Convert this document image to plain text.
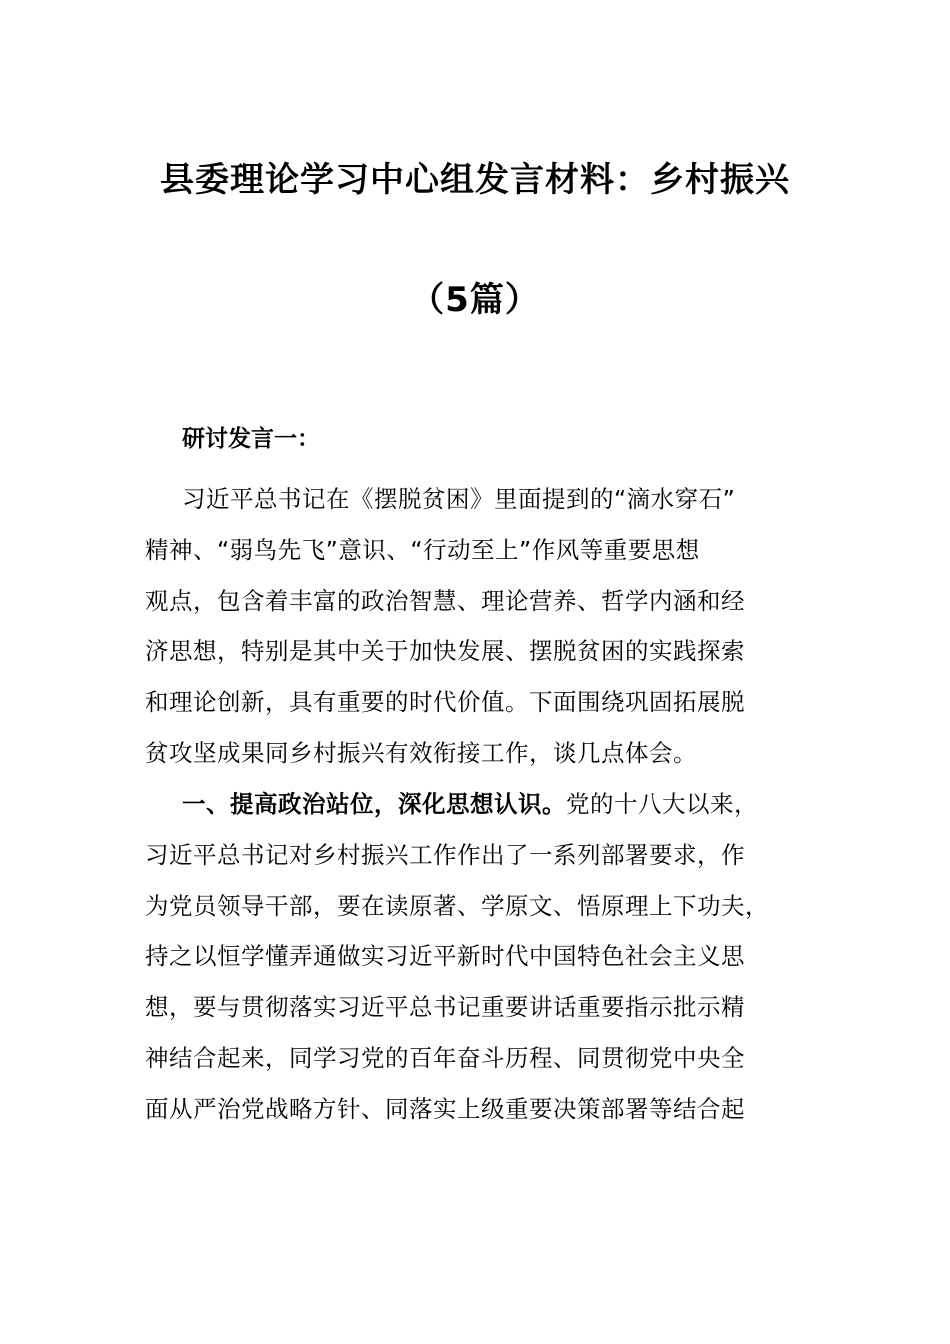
县委理论学习中心组发言材料：乡村振兴
（5篇）
研讨发言一：
习近平总书记在《摆脱贫困》里面提到的“滴水穿石”
精神、“弱鸟先飞”意识、“行动至上”作风等重要思想
观点，包含着丰富的政治智慧、理论营养、哲学内涵和经
济思想，特别是其中关于加快发展、摆脱贫困的实践探索
和理论创新，具有重要的时代价值。下面围绕巩固拓展脱
贫攻坚成果同乡村振兴有效衔接工作，谈几点体会。
一、提高政治站位，深化思想认识。党的十八大以来，
习近平总书记对乡村振兴工作作出了一系列部署要求，作
为党员领导干部，要在读原著、学原文、悟原理上下功夫，
持之以恒学懂弄通做实习近平新时代中国特色社会主义思
想，要与贯彻落实习近平总书记重要讲话重要指示批示精
神结合起来，同学习党的百年奋斗历程、同贯彻党中央全
面从严治党战略方针、同落实上级重要决策部署等结合起
